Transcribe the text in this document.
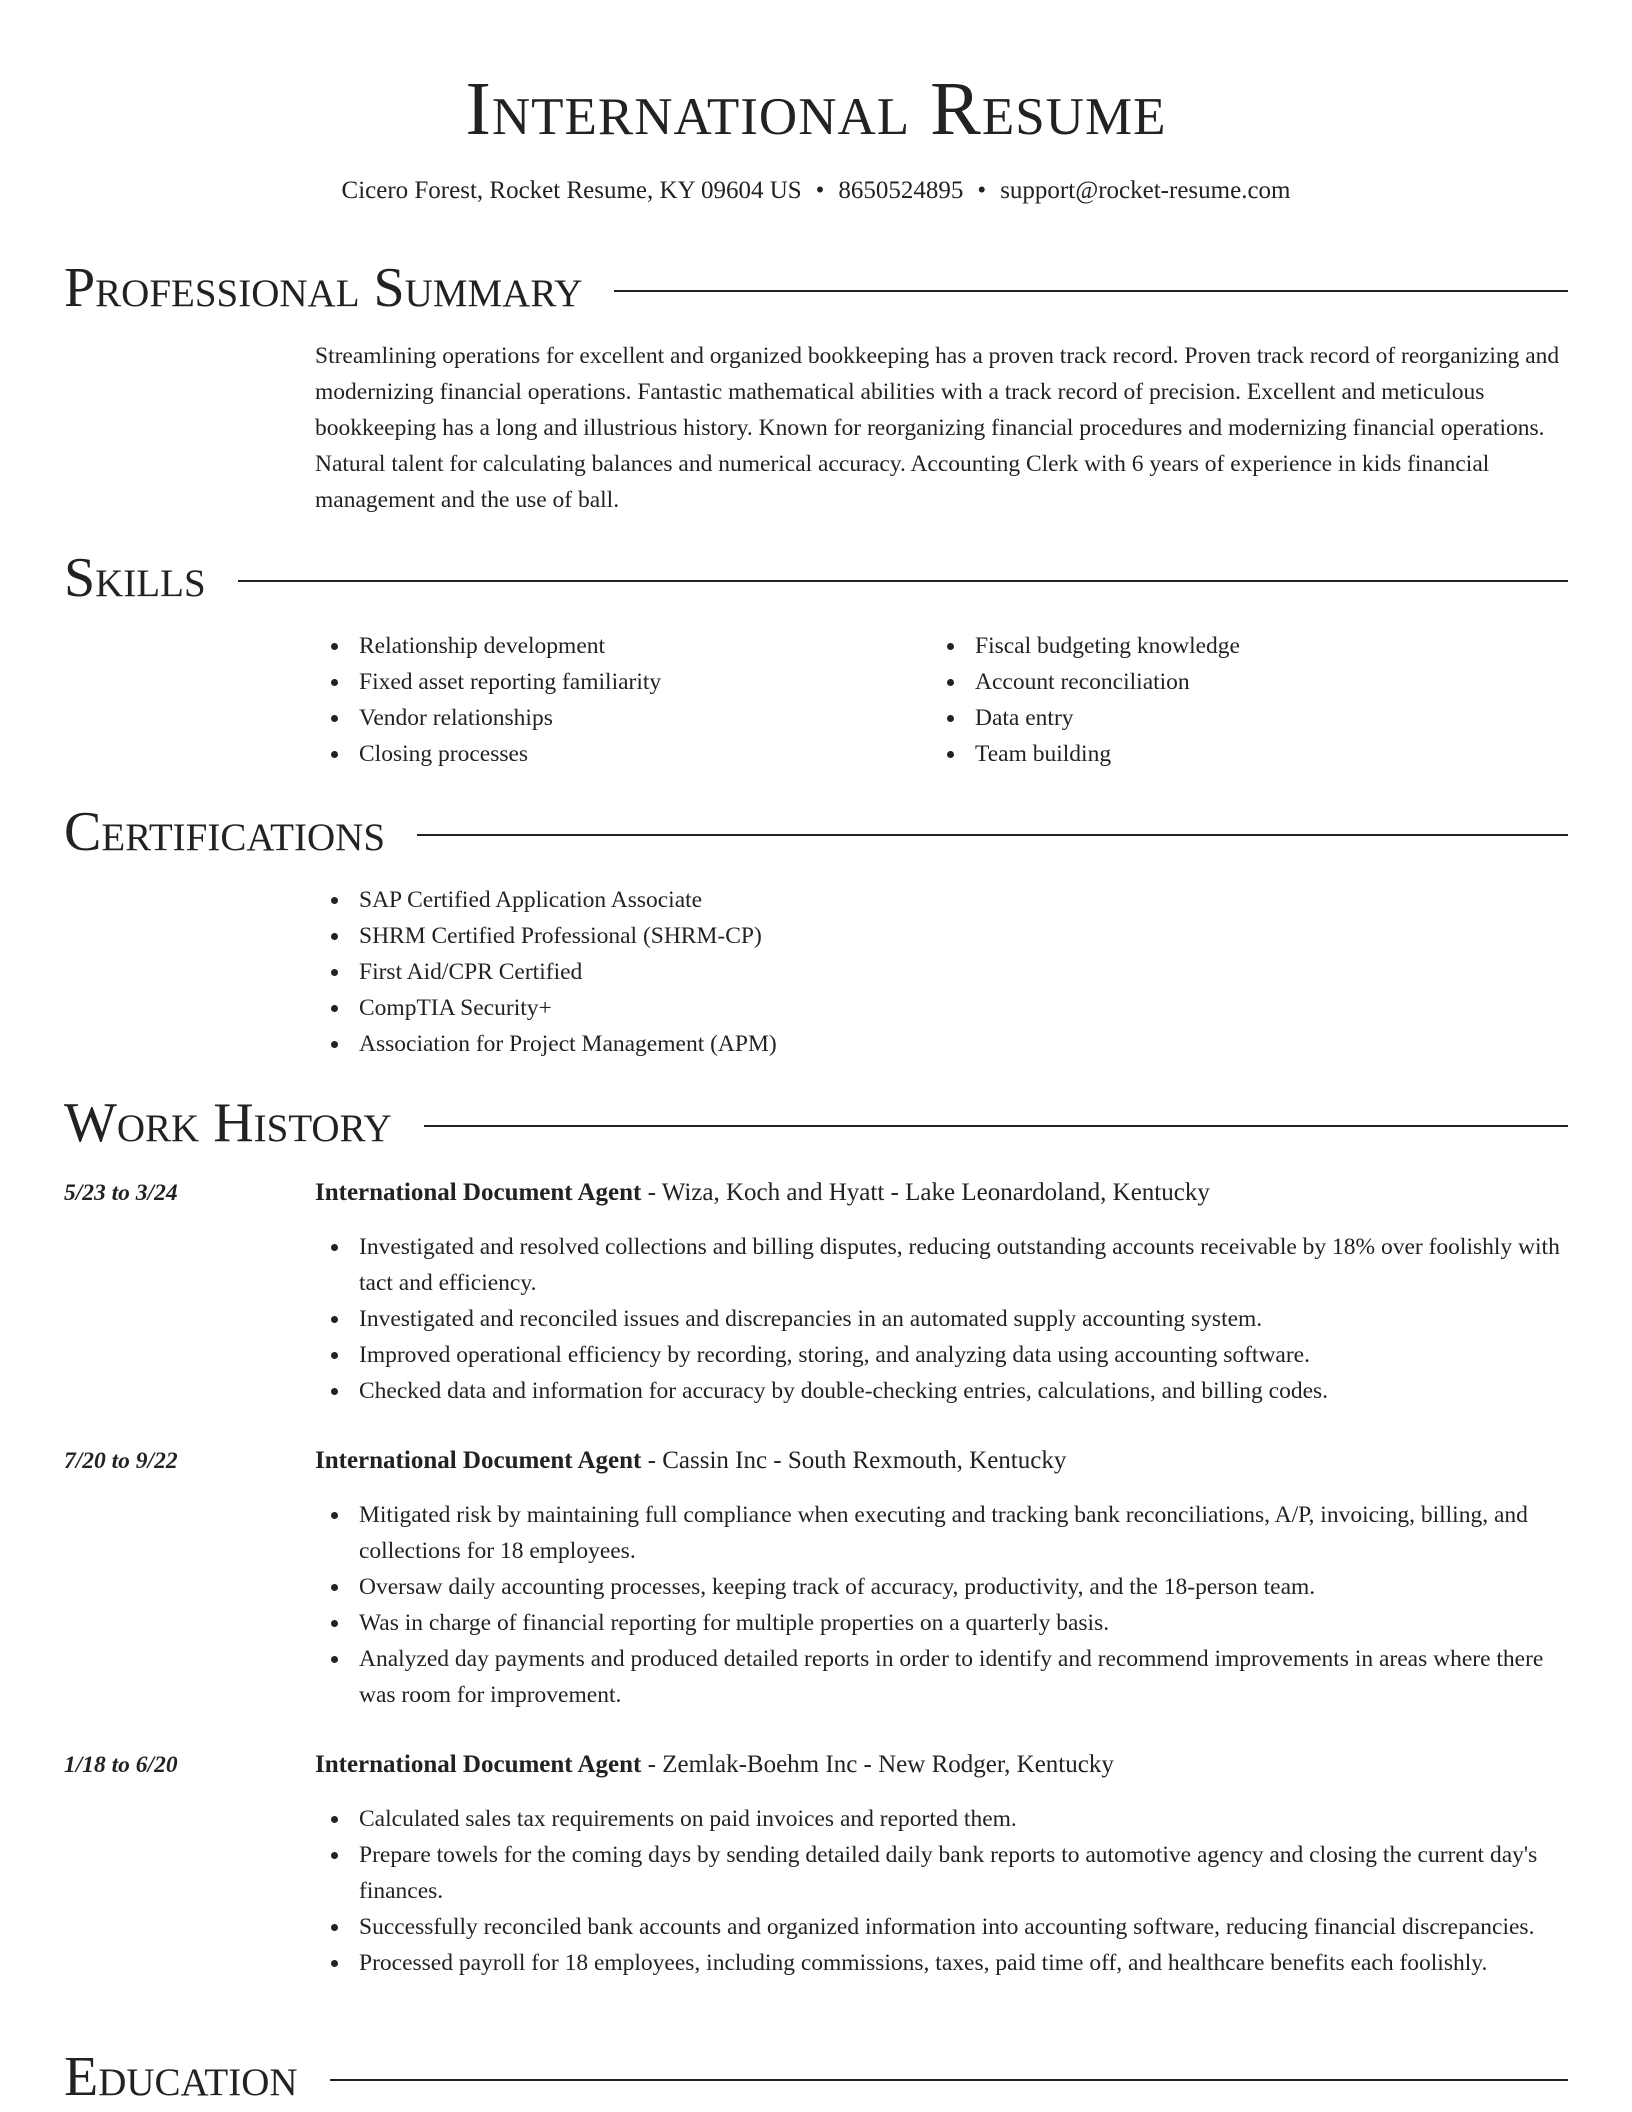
International Resume
Cicero Forest, Rocket Resume, KY 09604 US • 8650524895 • support@rocket-resume.com
Professional Summary
Streamlining operations for excellent and organized bookkeeping has a proven track record. Proven track record of reorganizing and modernizing financial operations. Fantastic mathematical abilities with a track record of precision. Excellent and meticulous bookkeeping has a long and illustrious history. Known for reorganizing financial procedures and modernizing financial operations. Natural talent for calculating balances and numerical accuracy. Accounting Clerk with 6 years of experience in kids financial management and the use of ball.
Skills
Relationship development
Fixed asset reporting familiarity
Vendor relationships
Closing processes
Fiscal budgeting knowledge
Account reconciliation
Data entry
Team building
Certifications
SAP Certified Application Associate
SHRM Certified Professional (SHRM-CP)
First Aid/CPR Certified
CompTIA Security+
Association for Project Management (APM)
Work History
5/23 to 3/24	International Document Agent - Wiza, Koch and Hyatt - Lake Leonardoland, Kentucky
Investigated and resolved collections and billing disputes, reducing outstanding accounts receivable by 18% over foolishly with tact and efficiency.
Investigated and reconciled issues and discrepancies in an automated supply accounting system.
Improved operational efficiency by recording, storing, and analyzing data using accounting software.
Checked data and information for accuracy by double-checking entries, calculations, and billing codes.
7/20 to 9/22	International Document Agent - Cassin Inc - South Rexmouth, Kentucky
Mitigated risk by maintaining full compliance when executing and tracking bank reconciliations, A/P, invoicing, billing, and collections for 18 employees.
Oversaw daily accounting processes, keeping track of accuracy, productivity, and the 18-person team.
Was in charge of financial reporting for multiple properties on a quarterly basis.
Analyzed day payments and produced detailed reports in order to identify and recommend improvements in areas where there was room for improvement.
1/18 to 6/20	International Document Agent - Zemlak-Boehm Inc - New Rodger, Kentucky
Calculated sales tax requirements on paid invoices and reported them.
Prepare towels for the coming days by sending detailed daily bank reports to automotive agency and closing the current day's finances.
Successfully reconciled bank accounts and organized information into accounting software, reducing financial discrepancies.
Processed payroll for 18 employees, including commissions, taxes, paid time off, and healthcare benefits each foolishly.
Education
